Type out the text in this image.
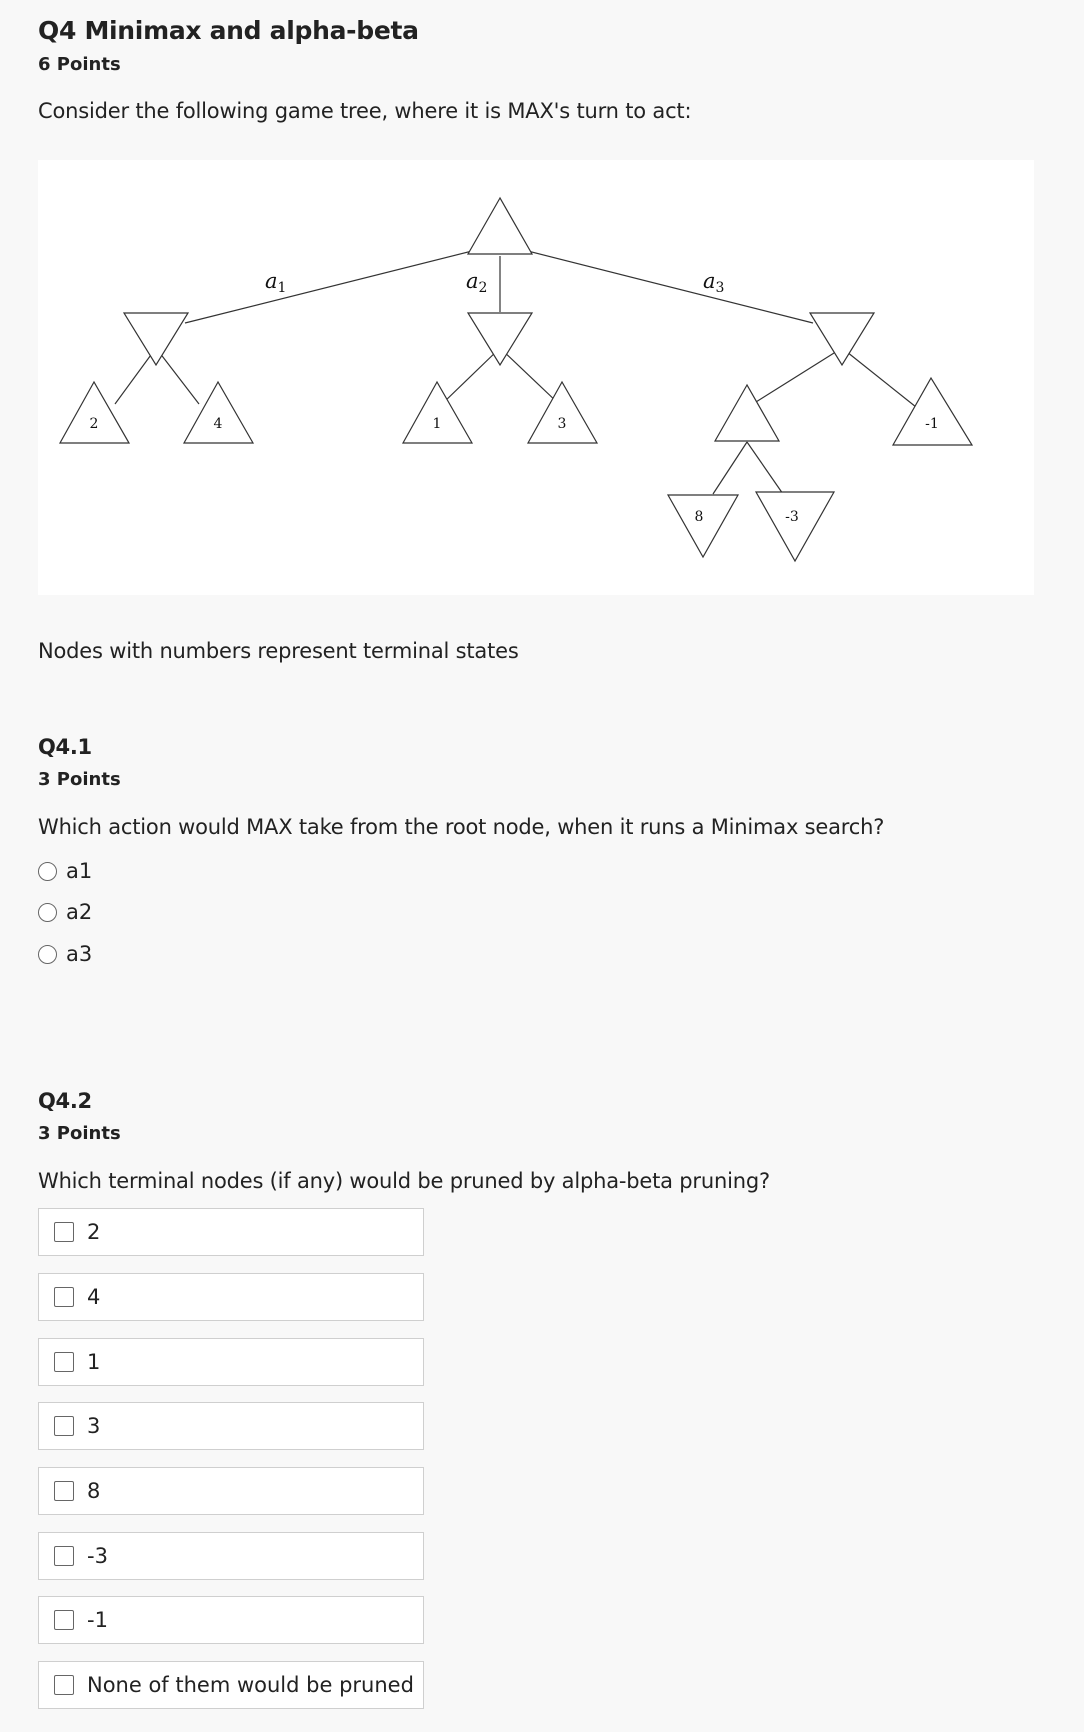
Q4 Minimax and alpha-beta
6 Points
Consider the following game tree, where it is MAX's turn to act:
a1	a2	a3
2	4	1	3
8	-3
-1
Nodes with numbers represent terminal states
Q4.1
3 Points
Which action would MAX take from the root node, when it runs a Minimax search?
a1
a2
a3
Q4.2
3 Points
Which terminal nodes (if any) would be pruned by alpha-beta pruning?
2
4
1
3
8
-3
-1
None of them would be pruned
